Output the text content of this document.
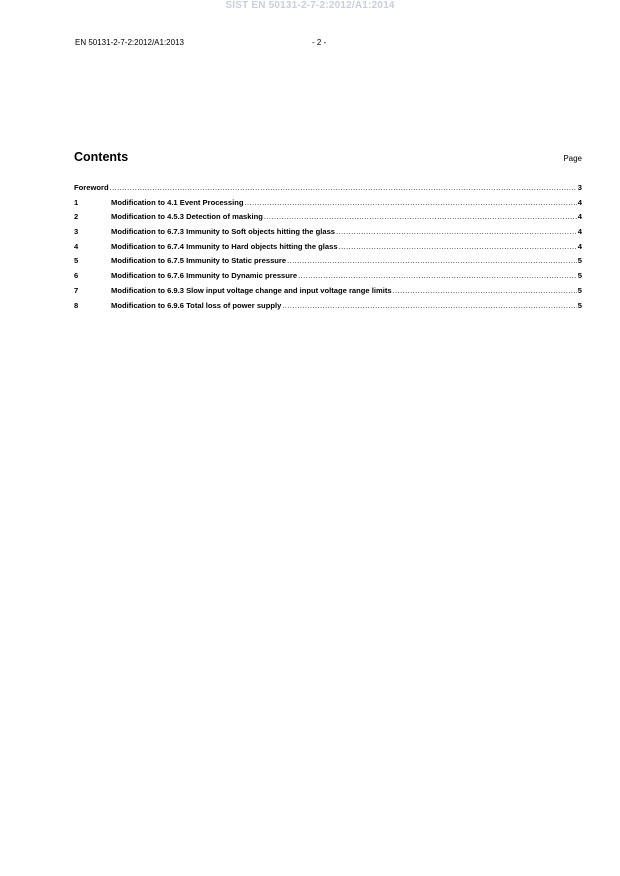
SIST EN 50131-2-7-2:2012/A1:2014
EN 50131-2-7-2:2012/A1:2013	- 2 -
Contents	Page
Foreword .....	3
1	Modification to 4.1 Event Processing .....	4
2	Modification to 4.5.3 Detection of masking .....	4
3	Modification to 6.7.3 Immunity to Soft objects hitting the glass .....	4
4	Modification to 6.7.4 Immunity to Hard objects hitting the glass .....	4
5	Modification to 6.7.5 Immunity to Static pressure .....	5
6	Modification to 6.7.6 Immunity to Dynamic pressure .....	5
7	Modification to 6.9.3 Slow input voltage change and input voltage range limits .....	5
8	Modification to 6.9.6 Total loss of power supply .....	5
